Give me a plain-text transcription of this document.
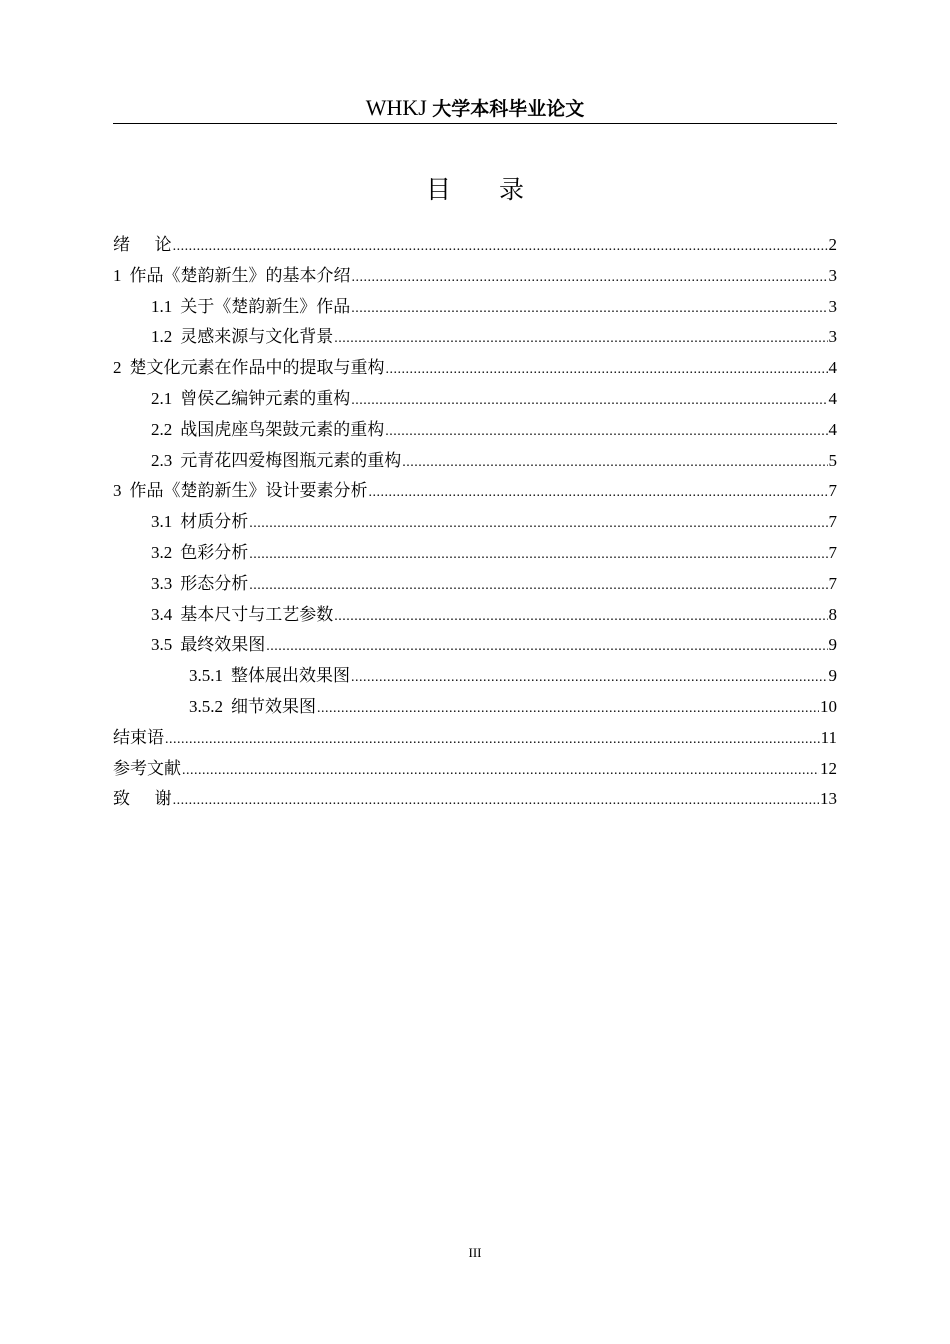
WHKJ 大学本科毕业论文
目录
绪论 .....	2
1 作品《楚韵新生》的基本介绍 .....	3
1.1 关于《楚韵新生》作品 .....	3
1.2 灵感来源与文化背景 .....	3
2 楚文化元素在作品中的提取与重构 .....	4
2.1 曾侯乙编钟元素的重构 .....	4
2.2 战国虎座鸟架鼓元素的重构 .....	4
2.3 元青花四爱梅图瓶元素的重构 .....	5
3 作品《楚韵新生》设计要素分析 .....	7
3.1 材质分析 .....	7
3.2 色彩分析 .....	7
3.3 形态分析 .....	7
3.4 基本尺寸与工艺参数 .....	8
3.5 最终效果图 .....	9
3.5.1 整体展出效果图 .....	9
3.5.2 细节效果图 .....	10
结束语 .....	11
参考文献 .....	12
致谢 .....	13
III
